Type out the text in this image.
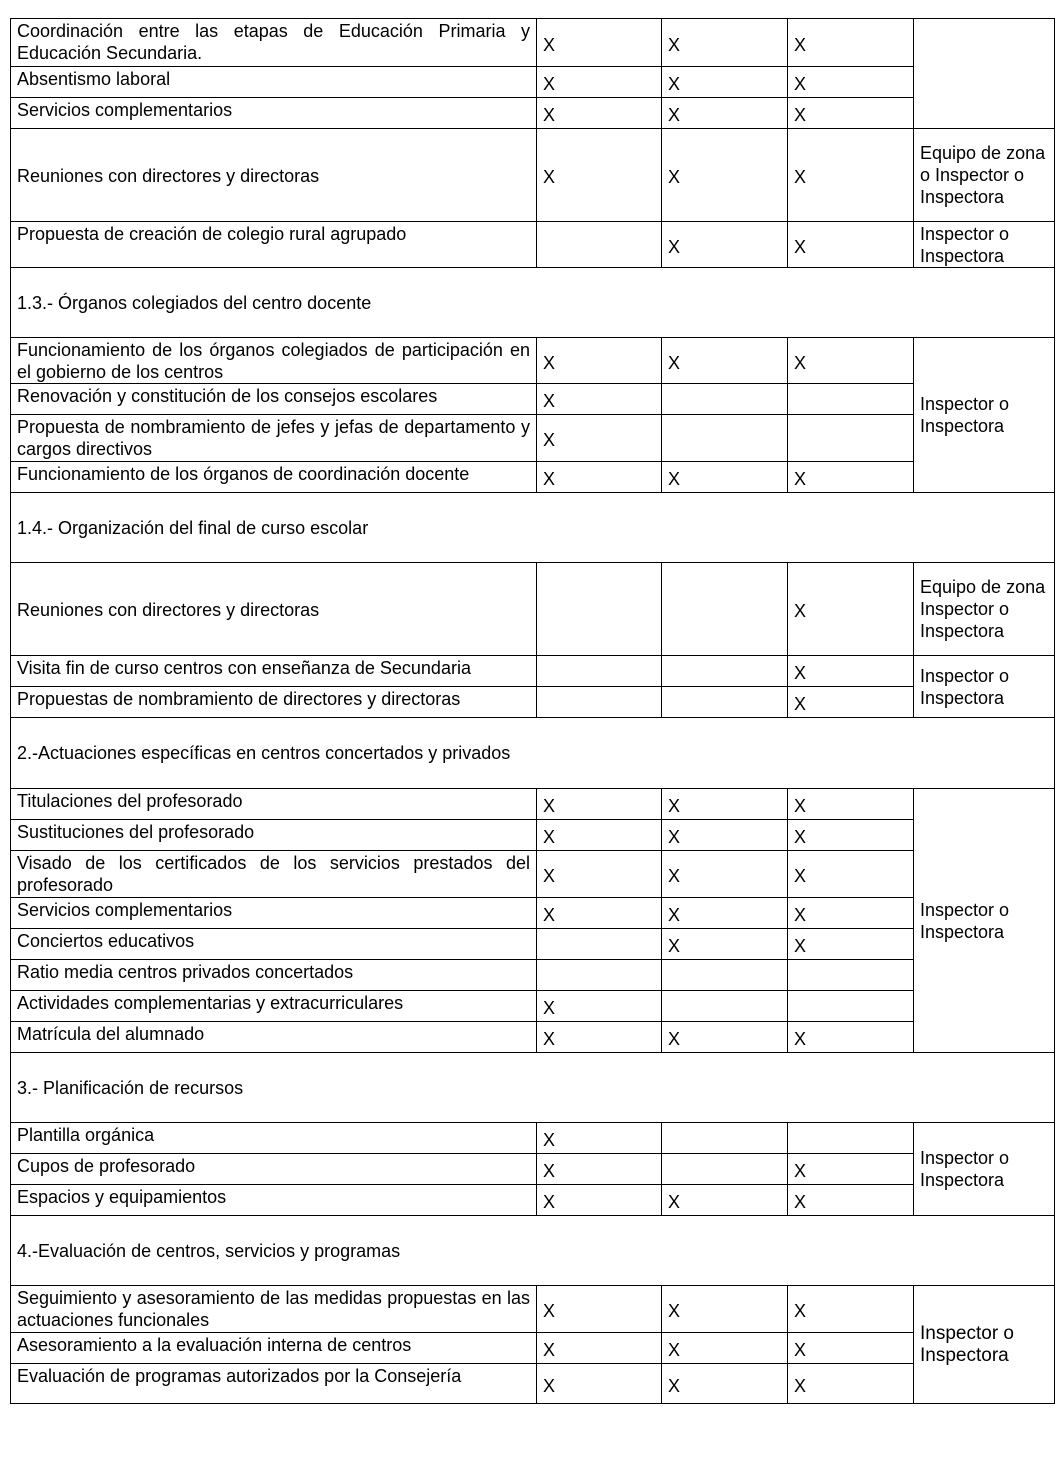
Coordinación entre las etapas de Educación Primaria y Educación Secundaria.	X	X	X	
Absentismo laboral	X	X	X	
Servicios complementarios	X	X	X	
Reuniones con directores y directoras	X	X	X	Equipo de zona o Inspector o Inspectora
Propuesta de creación de colegio rural agrupado		X	X	Inspector o Inspectora
1.3.- Órganos colegiados del centro docente				
Funcionamiento de los órganos colegiados de participación en el gobierno de los centros	X	X	X	Inspector o Inspectora
Renovación y constitución de los consejos escolares	X			
Propuesta de nombramiento de jefes y jefas de departamento y cargos directivos	X			
Funcionamiento de los órganos de coordinación docente	X	X	X	
1.4.- Organización del final de curso escolar				
Reuniones con directores y directoras			X	Equipo de zona Inspector o Inspectora
Visita fin de curso centros con enseñanza de Secundaria			X	Inspector o Inspectora
Propuestas de nombramiento de directores y directoras			X	
2.-Actuaciones específicas en centros concertados y privados				
Titulaciones del profesorado	X	X	X	Inspector o Inspectora
Sustituciones del profesorado	X	X	X	
Visado de los certificados de los servicios prestados del profesorado	X	X	X	
Servicios complementarios	X	X	X	
Conciertos educativos		X	X	
Ratio media centros privados concertados				
Actividades complementarias y extracurriculares	X			
Matrícula del alumnado	X	X	X	
3.- Planificación de recursos				
Plantilla orgánica	X			Inspector o Inspectora
Cupos de profesorado	X		X	
Espacios y equipamientos	X	X	X	
4.-Evaluación de centros, servicios y programas				
Seguimiento y asesoramiento de las medidas propuestas en las actuaciones funcionales	X	X	X	Inspector o Inspectora
Asesoramiento a la evaluación interna de centros	X	X	X	
Evaluación de programas autorizados por la Consejería	X	X	X	
